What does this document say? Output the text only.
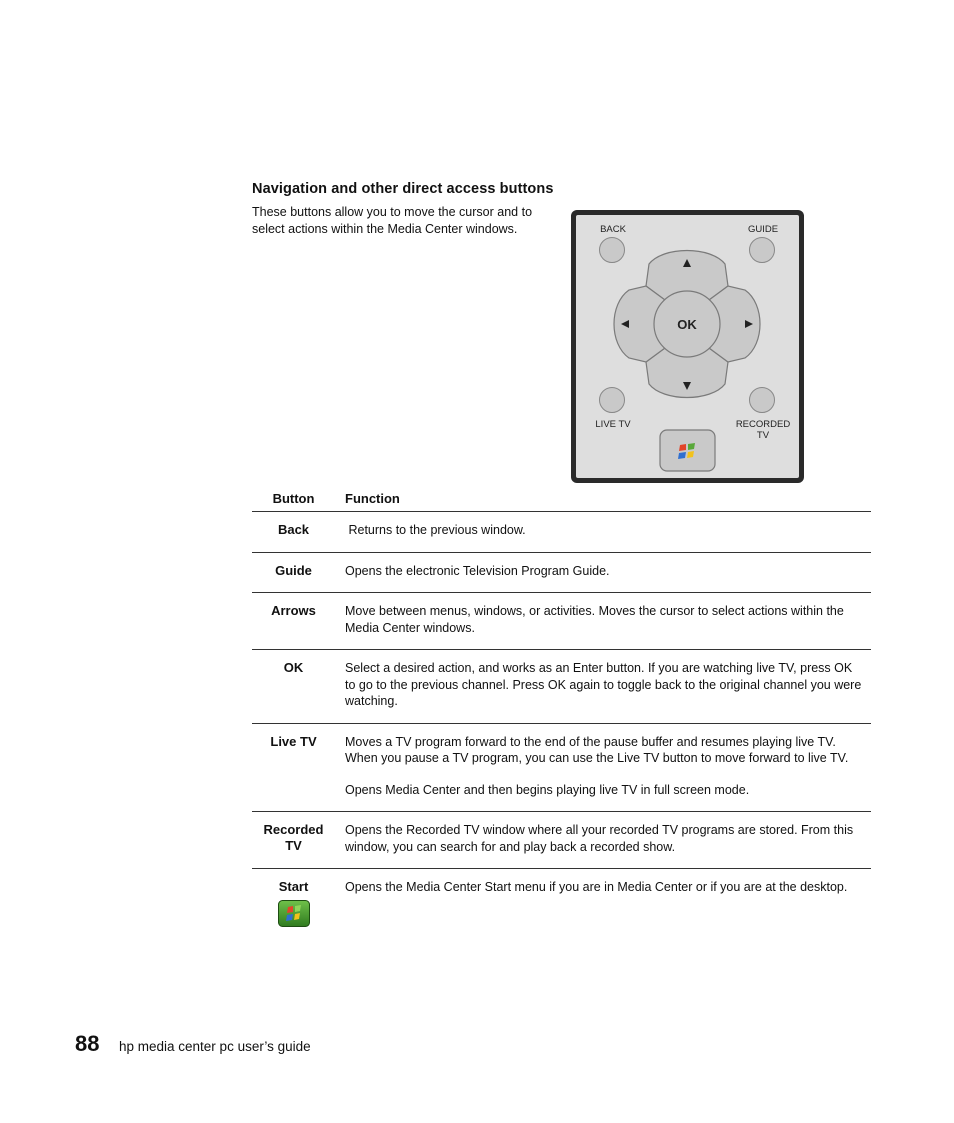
Navigation and other direct access buttons
These buttons allow you to move the cursor and to select actions within the Media Center windows.	BACK	GUIDE
OK
LIVE TV	RECORDED
TV
Button	Function
Back	Returns to the previous window.

Guide	Opens the electronic Television Program Guide.

Arrows	Move between menus, windows, or activities. Moves the cursor to select actions within the Media Center windows.

OK	Select a desired action, and works as an Enter button. If you are watching live TV, press OK to go to the previous channel. Press OK again to toggle back to the original channel you were watching.

Live TV	Moves a TV program forward to the end of the pause buffer and resumes playing live TV. When you pause a TV program, you can use the Live TV button to move forward to live TV.

Opens Media Center and then begins playing live TV in full screen mode.

Recorded
TV	Opens the Recorded TV window where all your recorded TV programs are stored. From this window, you can search for and play back a recorded show.

Start	Opens the Media Center Start menu if you are in Media Center or if you are at the desktop.

88 hp media center pc user’s guide
